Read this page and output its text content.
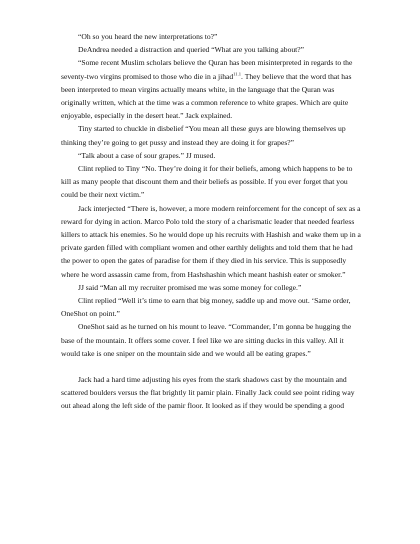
“Oh so you heard the new interpretations to?”

DeAndrea needed a distraction and queried “What are you talking about?”

“Some recent Muslim scholars believe the Quran has been misinterpreted in regards to the seventy-two virgins promised to those who die in a jihad$^{11.1}$. They believe that the word that has been interpreted to mean virgins actually means white, in the language that the Quran was originally written, which at the time was a common reference to white grapes. Which are quite enjoyable, especially in the desert heat.” Jack explained.

Tiny started to chuckle in disbelief “You mean all these guys are blowing themselves up thinking they’re going to get pussy and instead they are doing it for grapes?”

“Talk about a case of sour grapes.” JJ mused.

Clint replied to Tiny “No. They’re doing it for their beliefs, among which happens to be to kill as many people that discount them and their beliefs as possible. If you ever forget that you could be their next victim.”

Jack interjected “There is, however, a more modern reinforcement for the concept of sex as a reward for dying in action. Marco Polo told the story of a charismatic leader that needed fearless killers to attack his enemies. So he would dope up his recruits with Hashish and wake them up in a private garden filled with compliant women and other earthly delights and told them that he had the power to open the gates of paradise for them if they died in his service. This is supposedly where he word assassin came from, from Hashshashin which meant hashish eater or smoker.”

JJ said “Man all my recruiter promised me was some money for college.”

Clint replied “Well it’s time to earn that big money, saddle up and move out. ‘Same order, OneShot on point.”

OneShot said as he turned on his mount to leave. “Commander, I’m gonna be hugging the base of the mountain. It offers some cover. I feel like we are sitting ducks in this valley. All it would take is one sniper on the mountain side and we would all be eating grapes.”

Jack had a hard time adjusting his eyes from the stark shadows cast by the mountain and scattered boulders versus the flat brightly lit pamir plain. Finally Jack could see point riding way out ahead along the left side of the pamir floor. It looked as if they would be spending a good
